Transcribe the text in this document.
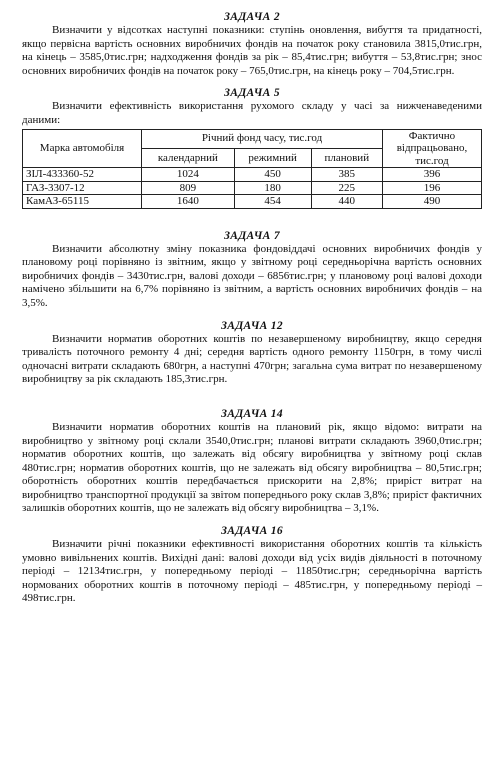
ЗАДАЧА 2

Визначити у відсотках наступні показники: ступінь оновлення, вибуття та придатності, якщо первісна вартість основних виробничих фондів на початок року становила 3815,0тис.грн, на кінець – 3585,0тис.грн; надходження фондів за рік – 85,4тис.грн; вибуття – 53,8тис.грн; знос основних виробничих фондів на початок року – 765,0тис.грн, на кінець року – 704,5тис.грн.

ЗАДАЧА 5

Визначити ефективність використання рухомого складу у часі за нижченаведеними даними:

Марка автомобіля	Річний фонд часу, тис.год			Фактично відпрацьовано, тис.год
	календарний	режимний	плановий	
ЗІЛ-433360-52	1024	450	385	396
ГАЗ-3307-12	809	180	225	196
КамАЗ-65115	1640	454	440	490
ЗАДАЧА 7

Визначити абсолютну зміну показника фондовіддачі основних виробничих фондів у плановому році порівняно із звітним, якщо у звітному році середньорічна вартість основних виробничих фондів – 3430тис.грн, валові доходи – 6856тис.грн; у плановому році валові доходи намічено збільшити на 6,7% порівняно із звітним, а вартість основних виробничих фондів – на 3,5%.

ЗАДАЧА 12

Визначити норматив оборотних коштів по незавершеному виробництву, якщо середня тривалість поточного ремонту 4 дні; середня вартість одного ремонту 1150грн, в тому числі одночасні витрати складають 680грн, а наступні 470грн; загальна сума витрат по незавершеному виробництву за рік складають 185,3тис.грн.

ЗАДАЧА 14

Визначити норматив оборотних коштів на плановий рік, якщо відомо: витрати на виробництво у звітному році склали 3540,0тис.грн; планові витрати складають 3960,0тис.грн; норматив оборотних коштів, що залежать від обсягу виробництва у звітному році склав 480тис.грн; норматив оборотних коштів, що не залежать від обсягу виробництва – 80,5тис.грн; оборотність оборотних коштів передбачається прискорити на 2,8%; приріст витрат на виробництво транспортної продукції за звітом попереднього року склав 3,8%; приріст фактичних залишків оборотних коштів, що не залежать від обсягу виробництва – 3,1%.

ЗАДАЧА 16

Визначити річні показники ефективності використання оборотних коштів та кількість умовно вивільнених коштів. Вихідні дані: валові доходи від усіх видів діяльності в поточному періоді – 12134тис.грн, у попередньому періоді – 11850тис.грн; середньорічна вартість нормованих оборотних коштів в поточному періоді – 485тис.грн, у попередньому періоді – 498тис.грн.
